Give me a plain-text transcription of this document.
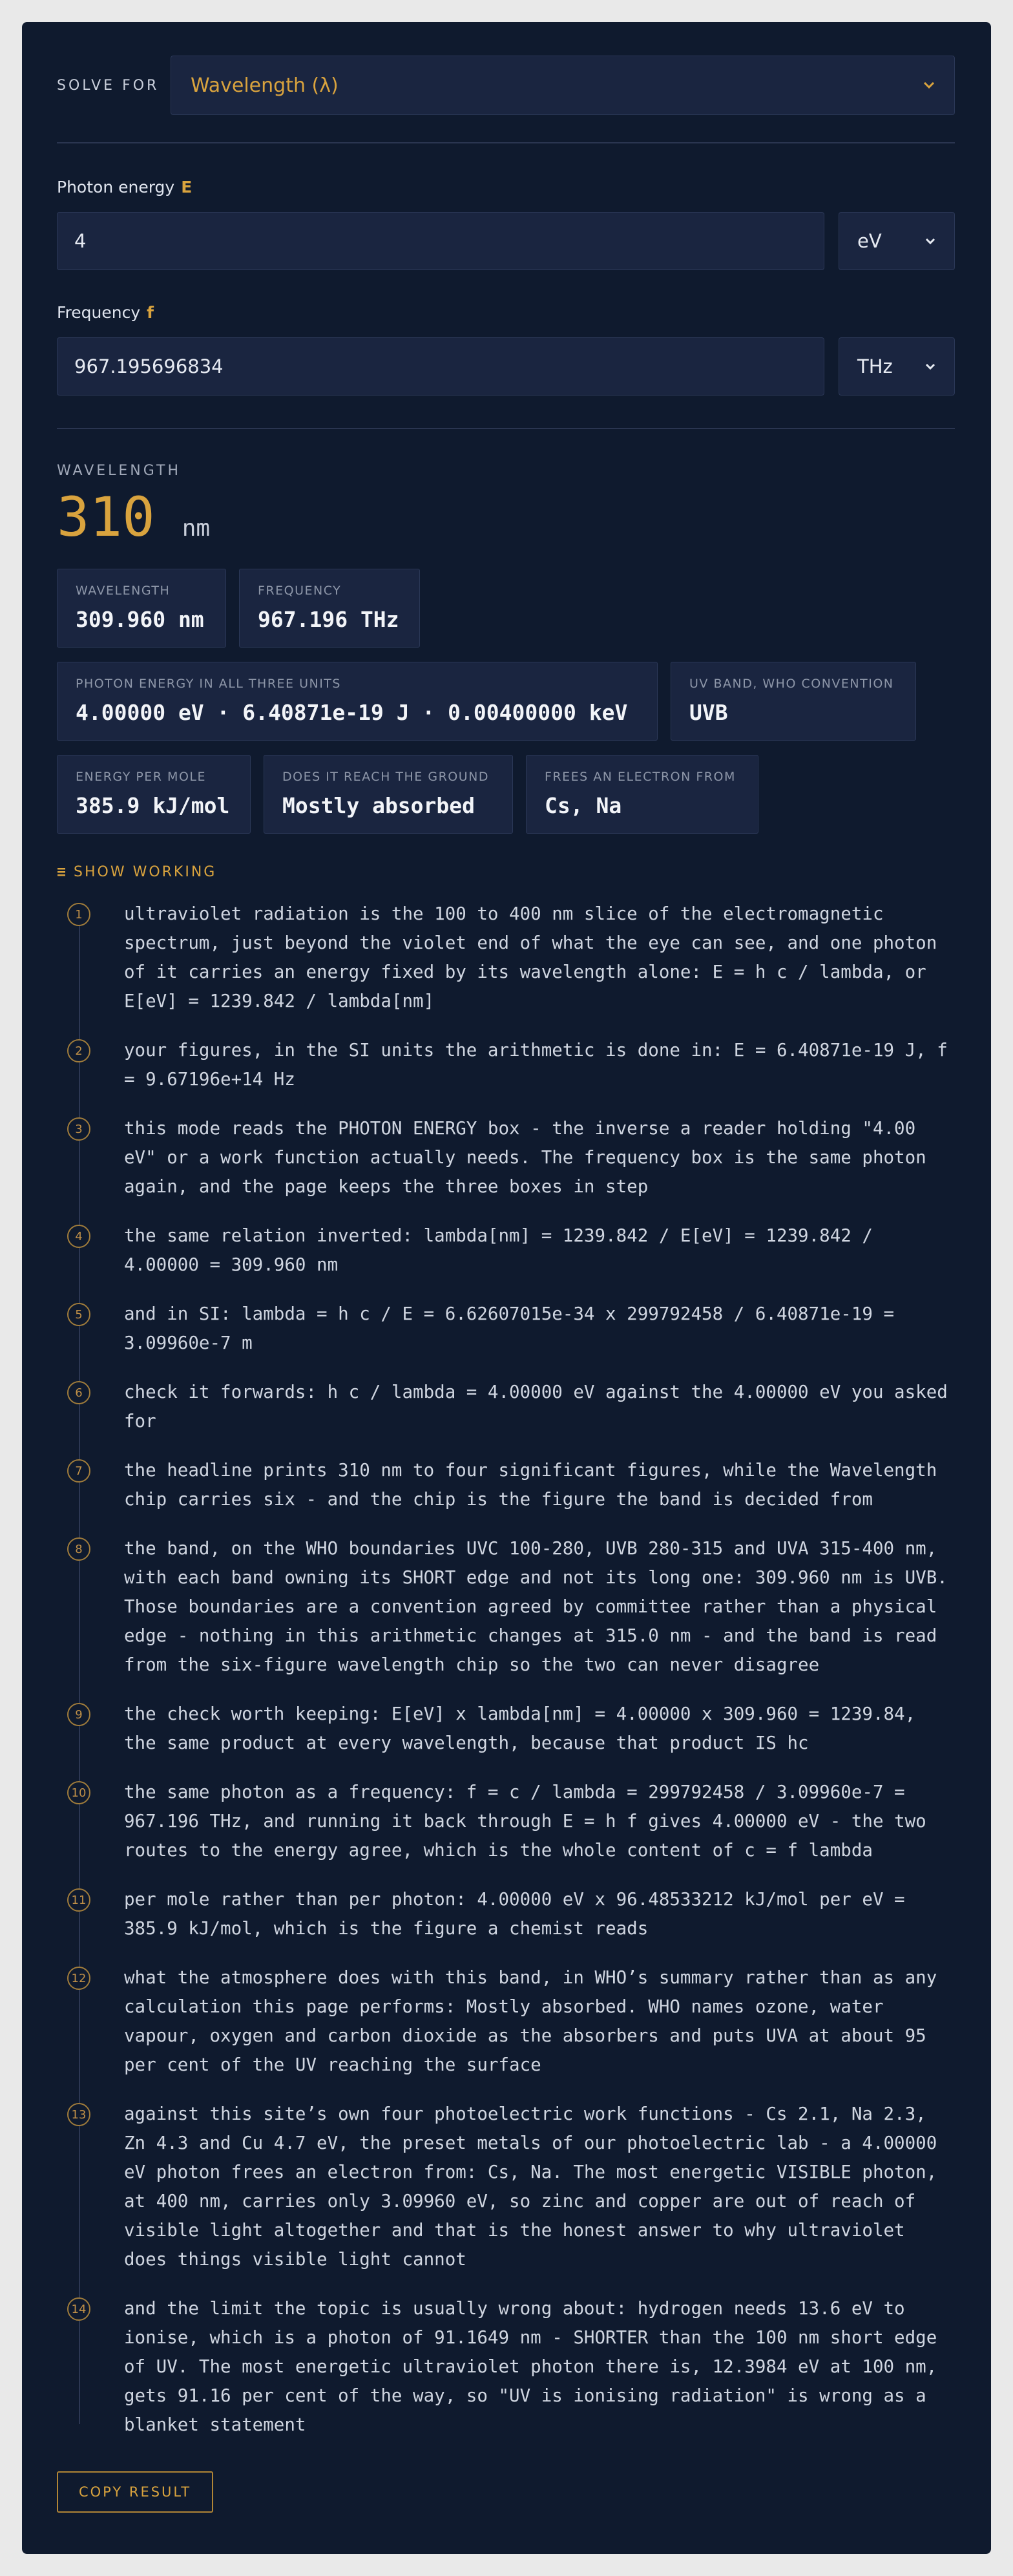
SOLVE FOR	Wavelength (λ)
Photon energy E
4	eV
Frequency f
967.195696834	THz
WAVELENGTH
310 nm
WAVELENGTH
309.960 nm
FREQUENCY
967.196 THz
PHOTON ENERGY IN ALL THREE UNITS
4.00000 eV · 6.40871e-19 J · 0.00400000 keV
UV BAND, WHO CONVENTION
UVB
ENERGY PER MOLE
385.9 kJ/mol
DOES IT REACH THE GROUND
Mostly absorbed
FREES AN ELECTRON FROM
Cs, Na
SHOW WORKING
1	ultraviolet radiation is the 100 to 400 nm slice of the electromagnetic spectrum, just beyond the violet end of what the eye can see, and one photon of it carries an energy fixed by its wavelength alone: E = h c / lambda, or E[eV] = 1239.842 / lambda[nm]
2	your figures, in the SI units the arithmetic is done in: E = 6.40871e-19 J, f = 9.67196e+14 Hz
3	this mode reads the PHOTON ENERGY box - the inverse a reader holding "4.00 eV" or a work function actually needs. The frequency box is the same photon again, and the page keeps the three boxes in step
4	the same relation inverted: lambda[nm] = 1239.842 / E[eV] = 1239.842 / 4.00000 = 309.960 nm
5	and in SI: lambda = h c / E = 6.62607015e-34 x 299792458 / 6.40871e-19 = 3.09960e-7 m
6	check it forwards: h c / lambda = 4.00000 eV against the 4.00000 eV you asked for
7	the headline prints 310 nm to four significant figures, while the Wavelength chip carries six - and the chip is the figure the band is decided from
8	the band, on the WHO boundaries UVC 100-280, UVB 280-315 and UVA 315-400 nm, with each band owning its SHORT edge and not its long one: 309.960 nm is UVB. Those boundaries are a convention agreed by committee rather than a physical edge - nothing in this arithmetic changes at 315.0 nm - and the band is read from the six-figure wavelength chip so the two can never disagree
9	the check worth keeping: E[eV] x lambda[nm] = 4.00000 x 309.960 = 1239.84, the same product at every wavelength, because that product IS hc
10 the same photon as a frequency: f = c / lambda = 299792458 / 3.09960e-7 = 967.196 THz, and running it back through E = h f gives 4.00000 eV - the two routes to the energy agree, which is the whole content of c = f lambda
11 per mole rather than per photon: 4.00000 eV x 96.48533212 kJ/mol per eV = 385.9 kJ/mol, which is the figure a chemist reads
12 what the atmosphere does with this band, in WHO’s summary rather than as any calculation this page performs: Mostly absorbed. WHO names ozone, water vapour, oxygen and carbon dioxide as the absorbers and puts UVA at about 95 per cent of the UV reaching the surface
13 against this site’s own four photoelectric work functions - Cs 2.1, Na 2.3, Zn 4.3 and Cu 4.7 eV, the preset metals of our photoelectric lab - a 4.00000 eV photon frees an electron from: Cs, Na. The most energetic VISIBLE photon, at 400 nm, carries only 3.09960 eV, so zinc and copper are out of reach of visible light altogether and that is the honest answer to why ultraviolet does things visible light cannot
14 and the limit the topic is usually wrong about: hydrogen needs 13.6 eV to ionise, which is a photon of 91.1649 nm - SHORTER than the 100 nm short edge of UV. The most energetic ultraviolet photon there is, 12.3984 eV at 100 nm, gets 91.16 per cent of the way, so "UV is ionising radiation" is wrong as a blanket statement
COPY RESULT
